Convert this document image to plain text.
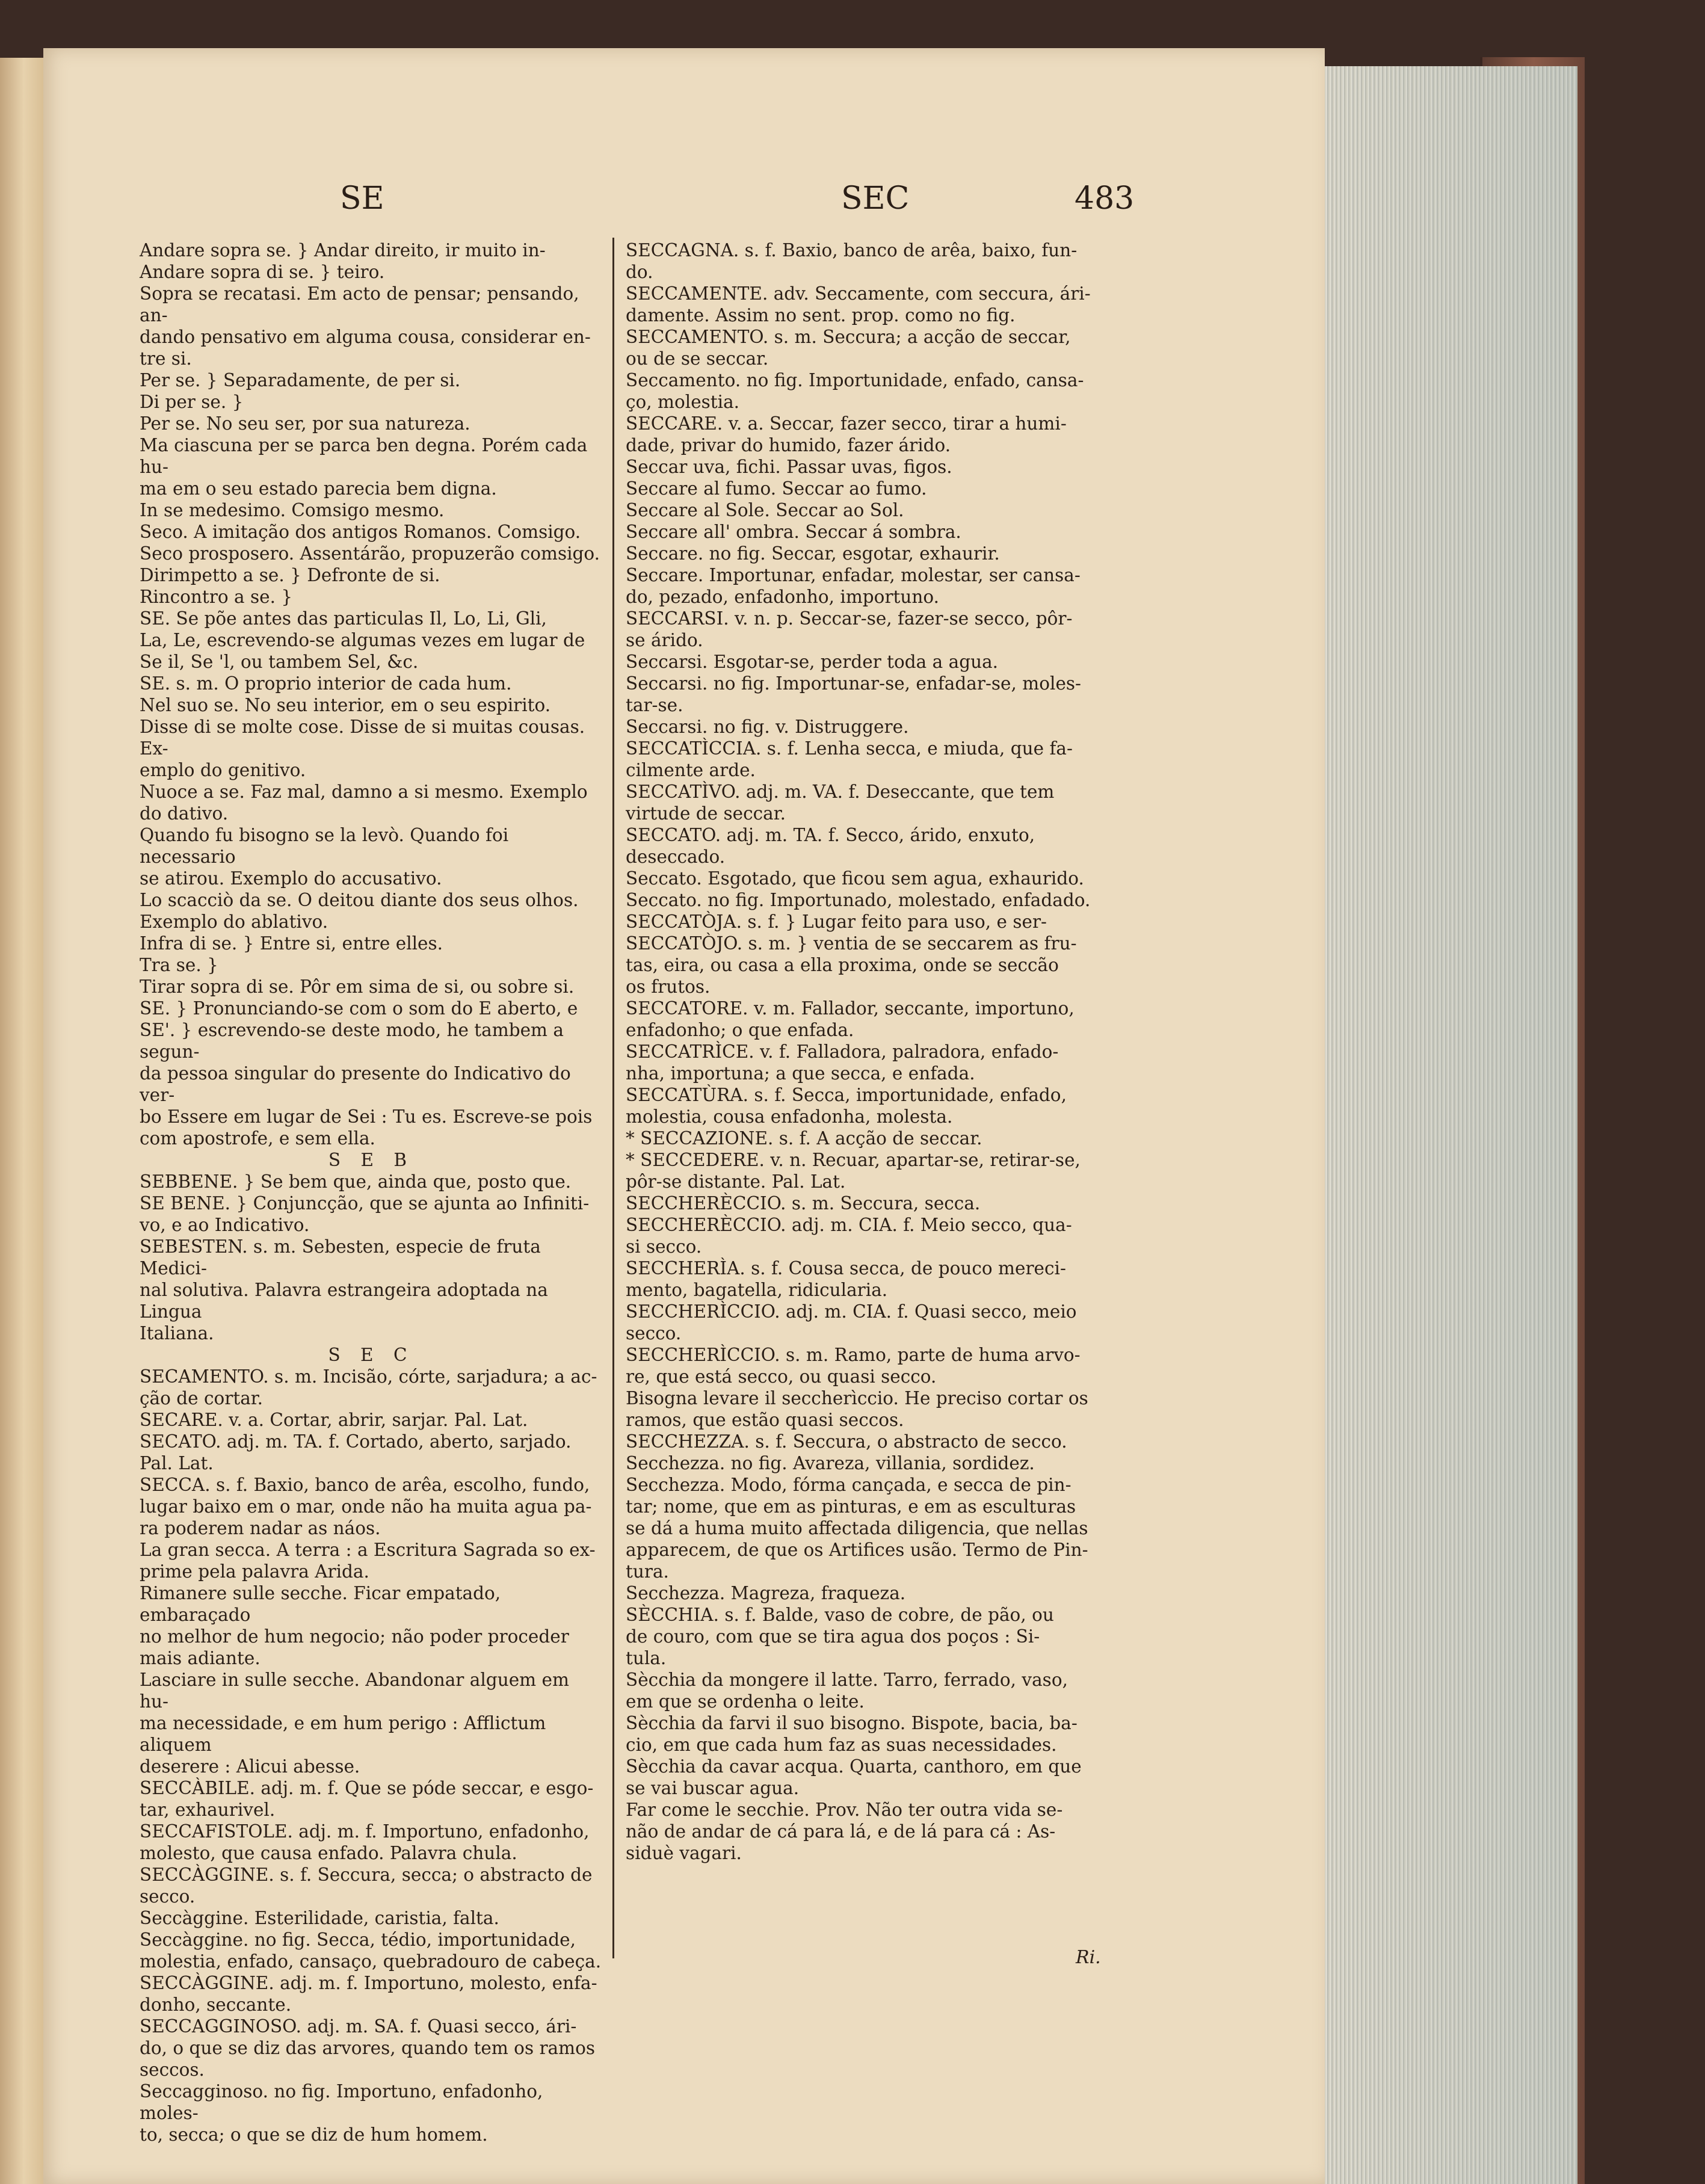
SE	SEC	483

Andare sopra se. } Andar direito, ir muito in-

Andare sopra di se. } teiro.

Sopra se recatasi. Em acto de pensar; pensando, an-

dando pensativo em alguma cousa, considerar en-

tre si.

Per se. } Separadamente, de per si.

Di per se. }

Per se. No seu ser, por sua natureza.

Ma ciascuna per se parca ben degna. Porém cada hu-

ma em o seu estado parecia bem digna.

In se medesimo. Comsigo mesmo.

Seco. A imitação dos antigos Romanos. Comsigo.

Seco prosposero. Assentárão, propuzerão comsigo.

Dirimpetto a se. } Defronte de si.

Rincontro a se. }

SE. Se põe antes das particulas Il, Lo, Li, Gli,

La, Le, escrevendo-se algumas vezes em lugar de

Se il, Se 'l, ou tambem Sel, &c.

SE. s. m. O proprio interior de cada hum.

Nel suo se. No seu interior, em o seu espirito.

Disse di se molte cose. Disse de si muitas cousas. Ex-

emplo do genitivo.

Nuoce a se. Faz mal, damno a si mesmo. Exemplo

do dativo.

Quando fu bisogno se la levò. Quando foi necessario

se atirou. Exemplo do accusativo.

Lo scacciò da se. O deitou diante dos seus olhos.

Exemplo do ablativo.

Infra di se. } Entre si, entre elles.

Tra se. }

Tirar sopra di se. Pôr em sima de si, ou sobre si.

SE. } Pronunciando-se com o som do E aberto, e

SE'. } escrevendo-se deste modo, he tambem a segun-

da pessoa singular do presente do Indicativo do ver-

bo Essere em lugar de Sei : Tu es. Escreve-se pois

com apostrofe, e sem ella.

S E B

SEBBENE. } Se bem que, ainda que, posto que.

SE BENE. } Conjuncção, que se ajunta ao Infiniti-

vo, e ao Indicativo.

SEBESTEN. s. m. Sebesten, especie de fruta Medici-

nal solutiva. Palavra estrangeira adoptada na Lingua

Italiana.

S E C

SECAMENTO. s. m. Incisão, córte, sarjadura; a ac-

ção de cortar.

SECARE. v. a. Cortar, abrir, sarjar. Pal. Lat.

SECATO. adj. m. TA. f. Cortado, aberto, sarjado.

Pal. Lat.

SECCA. s. f. Baxio, banco de arêa, escolho, fundo,

lugar baixo em o mar, onde não ha muita agua pa-

ra poderem nadar as náos.

La gran secca. A terra : a Escritura Sagrada so ex-

prime pela palavra Arida.

Rimanere sulle secche. Ficar empatado, embaraçado

no melhor de hum negocio; não poder proceder

mais adiante.

Lasciare in sulle secche. Abandonar alguem em hu-

ma necessidade, e em hum perigo : Afflictum aliquem

deserere : Alicui abesse.

SECCÀBILE. adj. m. f. Que se póde seccar, e esgo-

tar, exhaurivel.

SECCAFISTOLE. adj. m. f. Importuno, enfadonho,

molesto, que causa enfado. Palavra chula.

SECCÀGGINE. s. f. Seccura, secca; o abstracto de

secco.

Seccàggine. Esterilidade, caristia, falta.

Seccàggine. no fig. Secca, tédio, importunidade,

molestia, enfado, cansaço, quebradouro de cabeça.

SECCÀGGINE. adj. m. f. Importuno, molesto, enfa-

donho, seccante.

SECCAGGINOSO. adj. m. SA. f. Quasi secco, ári-

do, o que se diz das arvores, quando tem os ramos

seccos.

Seccagginoso. no fig. Importuno, enfadonho, moles-

to, secca; o que se diz de hum homem.

SECCAGNA. s. f. Baxio, banco de arêa, baixo, fun-

do.

SECCAMENTE. adv. Seccamente, com seccura, ári-

damente. Assim no sent. prop. como no fig.

SECCAMENTO. s. m. Seccura; a acção de seccar,

ou de se seccar.

Seccamento. no fig. Importunidade, enfado, cansa-

ço, molestia.

SECCARE. v. a. Seccar, fazer secco, tirar a humi-

dade, privar do humido, fazer árido.

Seccar uva, fichi. Passar uvas, figos.

Seccare al fumo. Seccar ao fumo.

Seccare al Sole. Seccar ao Sol.

Seccare all' ombra. Seccar á sombra.

Seccare. no fig. Seccar, esgotar, exhaurir.

Seccare. Importunar, enfadar, molestar, ser cansa-

do, pezado, enfadonho, importuno.

SECCARSI. v. n. p. Seccar-se, fazer-se secco, pôr-

se árido.

Seccarsi. Esgotar-se, perder toda a agua.

Seccarsi. no fig. Importunar-se, enfadar-se, moles-

tar-se.

Seccarsi. no fig. v. Distruggere.

SECCATÌCCIA. s. f. Lenha secca, e miuda, que fa-

cilmente arde.

SECCATÌVO. adj. m. VA. f. Deseccante, que tem

virtude de seccar.

SECCATO. adj. m. TA. f. Secco, árido, enxuto,

deseccado.

Seccato. Esgotado, que ficou sem agua, exhaurido.

Seccato. no fig. Importunado, molestado, enfadado.

SECCATÒJA. s. f. } Lugar feito para uso, e ser-

SECCATÒJO. s. m. } ventia de se seccarem as fru-

tas, eira, ou casa a ella proxima, onde se seccão

os frutos.

SECCATORE. v. m. Fallador, seccante, importuno,

enfadonho; o que enfada.

SECCATRÌCE. v. f. Falladora, palradora, enfado-

nha, importuna; a que secca, e enfada.

SECCATÙRA. s. f. Secca, importunidade, enfado,

molestia, cousa enfadonha, molesta.

* SECCAZIONE. s. f. A acção de seccar.

* SECCEDERE. v. n. Recuar, apartar-se, retirar-se,

pôr-se distante. Pal. Lat.

SECCHERÈCCIO. s. m. Seccura, secca.

SECCHERÈCCIO. adj. m. CIA. f. Meio secco, qua-

si secco.

SECCHERÌA. s. f. Cousa secca, de pouco mereci-

mento, bagatella, ridicularia.

SECCHERÌCCIO. adj. m. CIA. f. Quasi secco, meio

secco.

SECCHERÌCCIO. s. m. Ramo, parte de huma arvo-

re, que está secco, ou quasi secco.

Bisogna levare il seccherìccio. He preciso cortar os

ramos, que estão quasi seccos.

SECCHEZZA. s. f. Seccura, o abstracto de secco.

Secchezza. no fig. Avareza, villania, sordidez.

Secchezza. Modo, fórma cançada, e secca de pin-

tar; nome, que em as pinturas, e em as esculturas

se dá a huma muito affectada diligencia, que nellas

apparecem, de que os Artifices usão. Termo de Pin-

tura.

Secchezza. Magreza, fraqueza.

SÈCCHIA. s. f. Balde, vaso de cobre, de pão, ou

de couro, com que se tira agua dos poços : Si-

tula.

Sècchia da mongere il latte. Tarro, ferrado, vaso,

em que se ordenha o leite.

Sècchia da farvi il suo bisogno. Bispote, bacia, ba-

cio, em que cada hum faz as suas necessidades.

Sècchia da cavar acqua. Quarta, canthoro, em que

se vai buscar agua.

Far come le secchie. Prov. Não ter outra vida se-

não de andar de cá para lá, e de lá para cá : As-

siduè vagari.

Ri.
